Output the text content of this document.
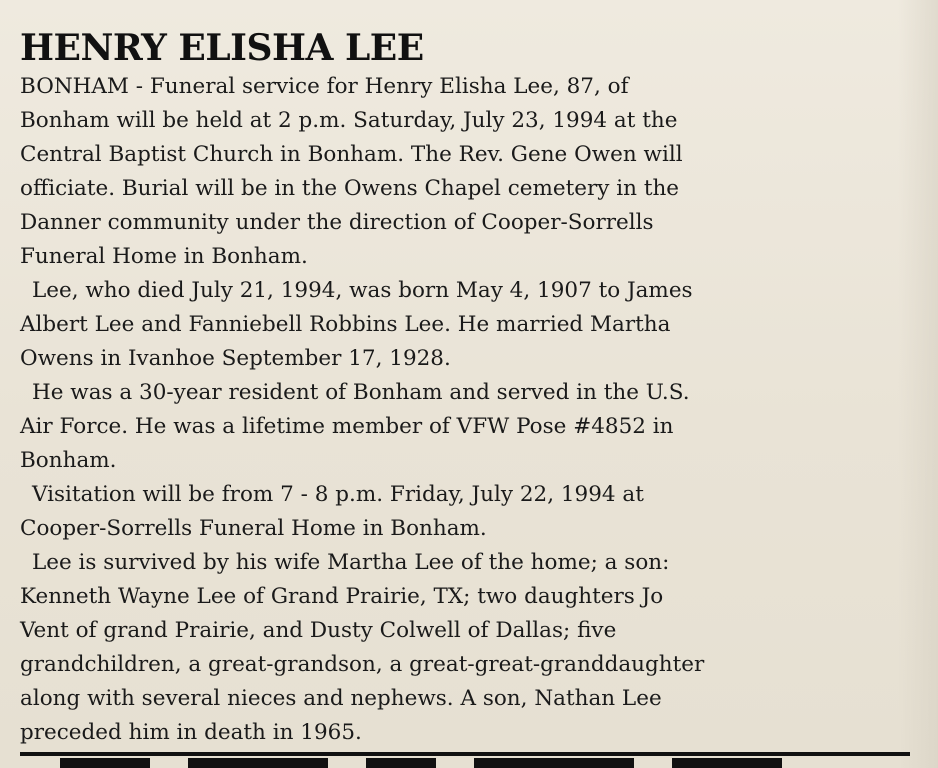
HENRY ELISHA LEE
BONHAM - Funeral service for Henry Elisha Lee, 87, of
Bonham will be held at 2 p.m. Saturday, July 23, 1994 at the
Central Baptist Church in Bonham. The Rev. Gene Owen will
officiate. Burial will be in the Owens Chapel cemetery in the
Danner community under the direction of Cooper-Sorrells
Funeral Home in Bonham.
Lee, who died July 21, 1994, was born May 4, 1907 to James
Albert Lee and Fanniebell Robbins Lee. He married Martha
Owens in Ivanhoe September 17, 1928.
He was a 30-year resident of Bonham and served in the U.S.
Air Force. He was a lifetime member of VFW Pose #4852 in
Bonham.
Visitation will be from 7 - 8 p.m. Friday, July 22, 1994 at
Cooper-Sorrells Funeral Home in Bonham.
Lee is survived by his wife Martha Lee of the home; a son:
Kenneth Wayne Lee of Grand Prairie, TX; two daughters Jo
Vent of grand Prairie, and Dusty Colwell of Dallas; five
grandchildren, a great-grandson, a great-great-granddaughter
along with several nieces and nephews. A son, Nathan Lee
preceded him in death in 1965.
